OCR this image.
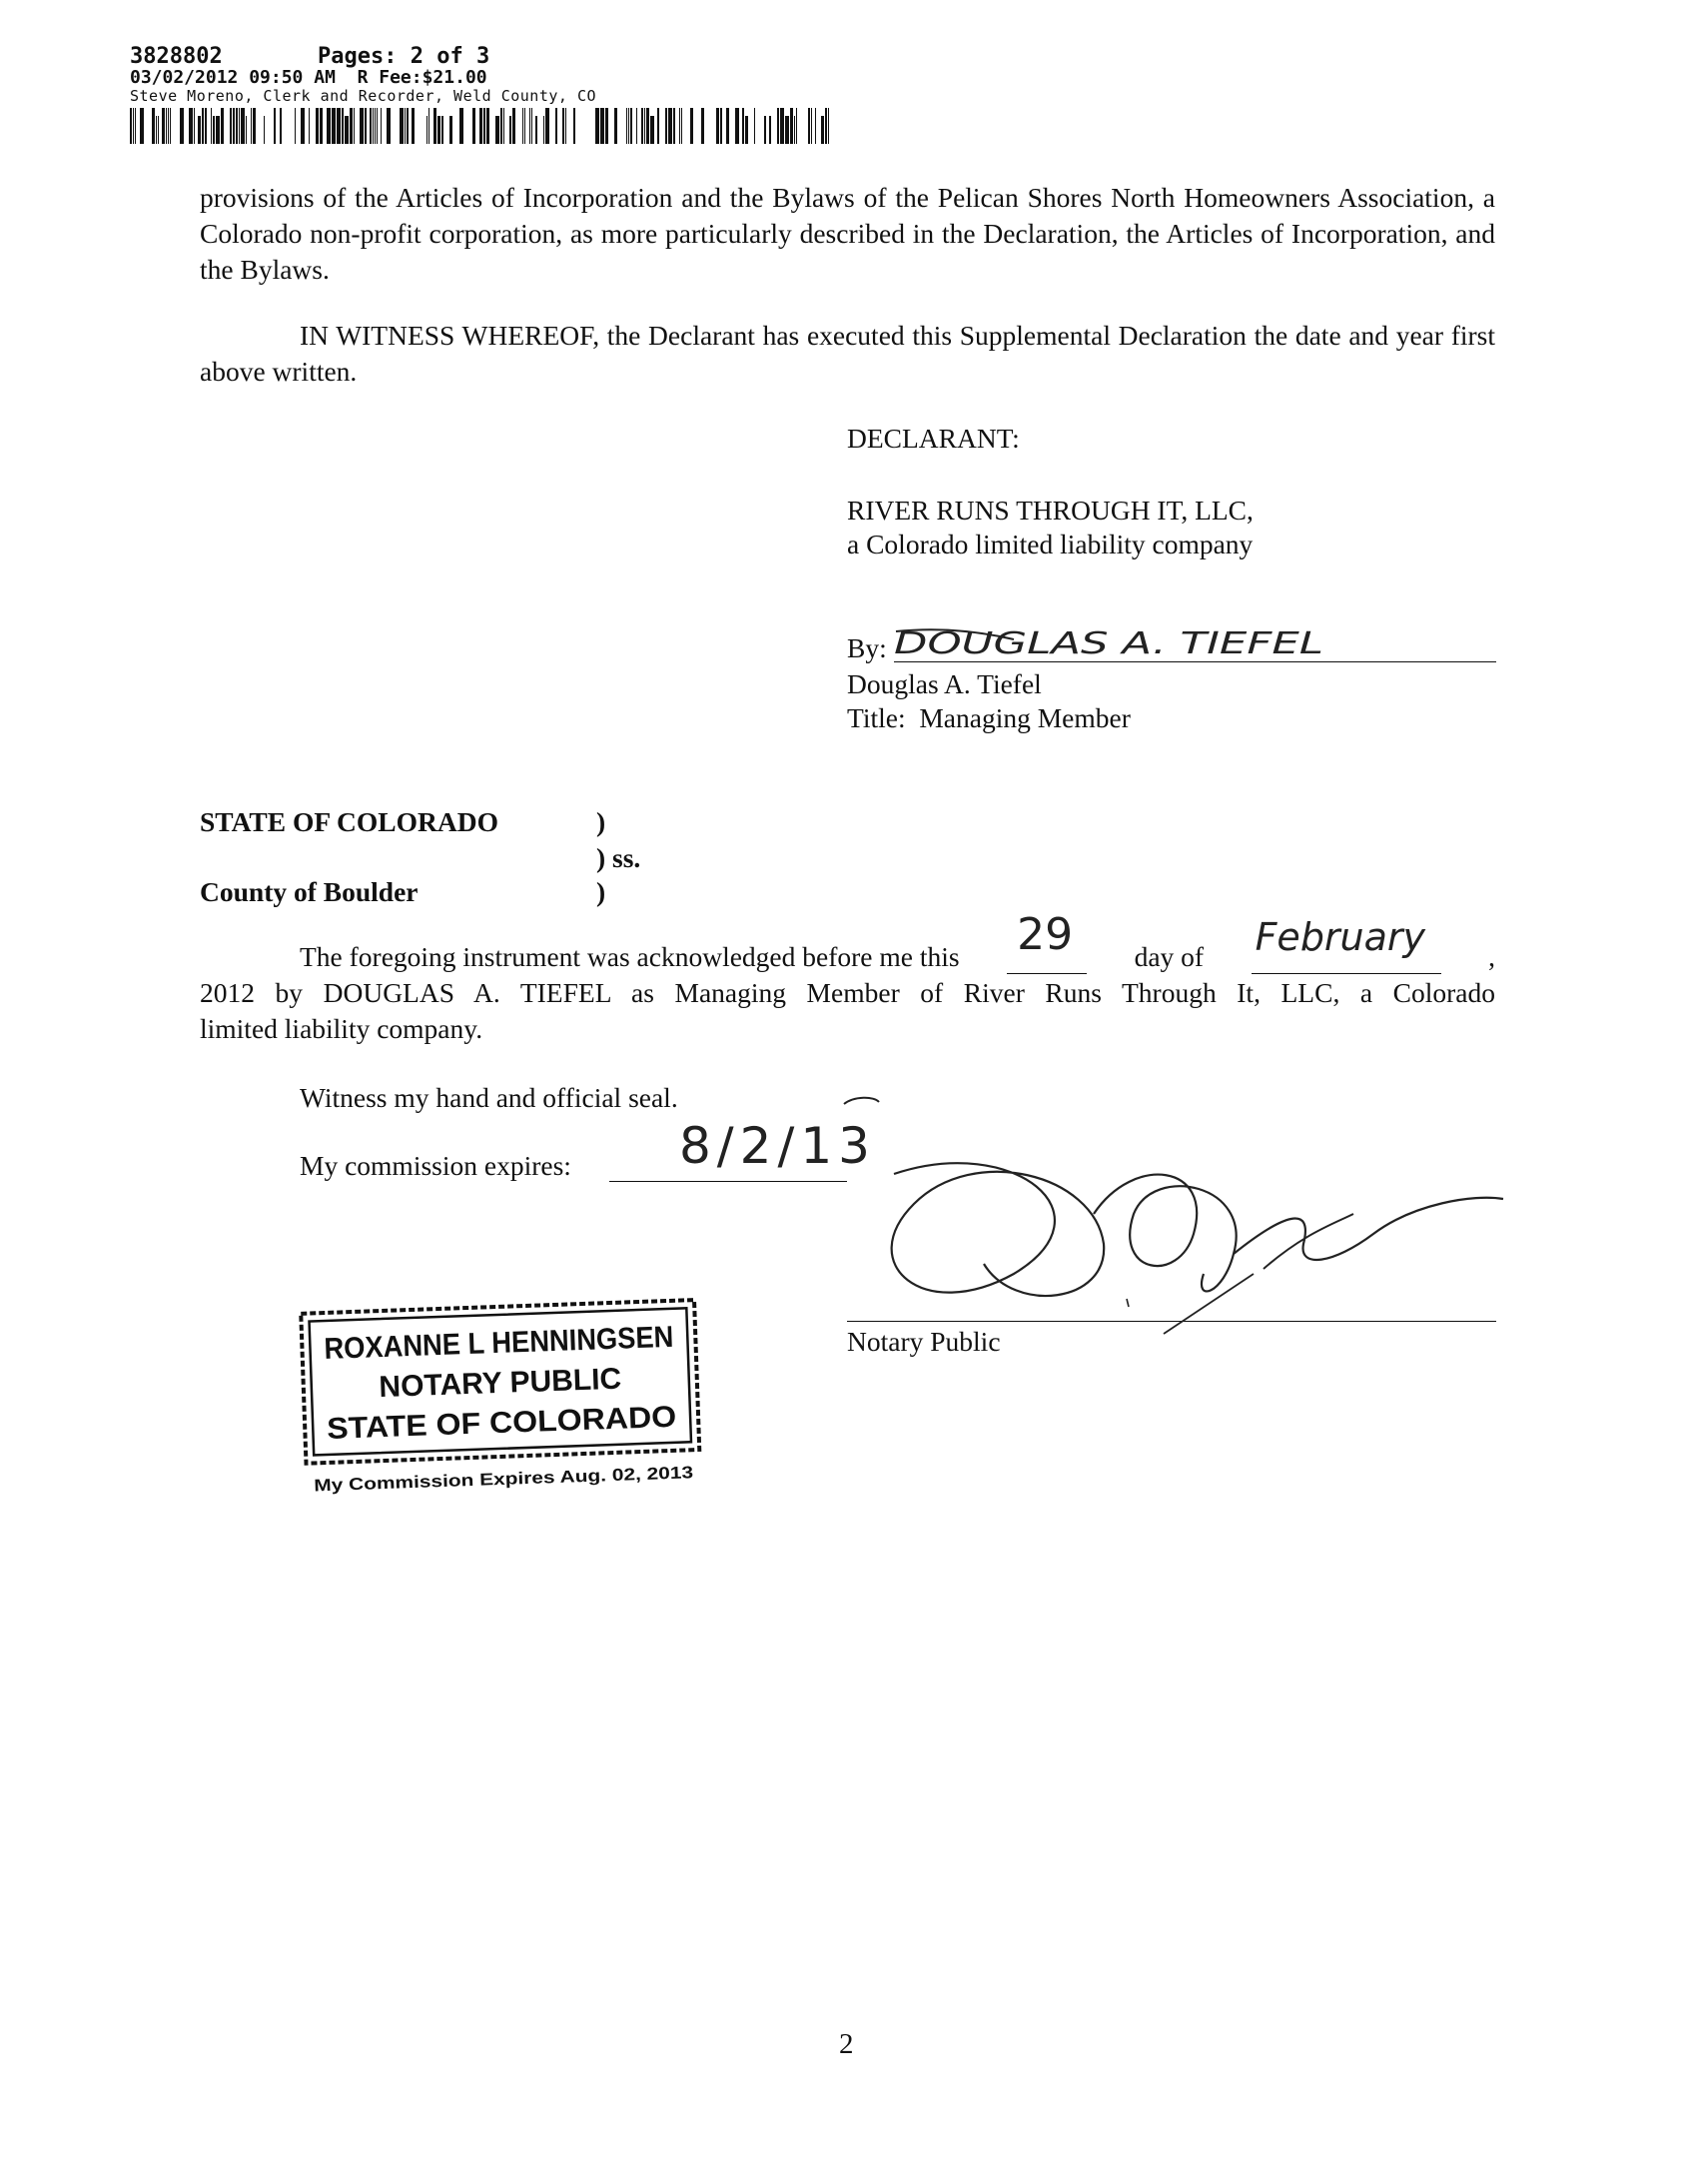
3828802	Pages: 2 of 3
03/02/2012 09:50 AM  R Fee:$21.00
Steve Moreno, Clerk and Recorder, Weld County, CO
provisions of the Articles of Incorporation and the Bylaws of the Pelican Shores North Homeowners Association, a Colorado non-profit corporation, as more particularly described in the Declaration, the Articles of Incorporation, and the Bylaws.
IN WITNESS WHEREOF, the Declarant has executed this Supplemental Declaration the date and year first above written.
DECLARANT:
RIVER RUNS THROUGH IT, LLC,
a Colorado limited liability company
By: DOUGLAS A. TIEFEL
Douglas A. Tiefel
Title:  Managing Member
STATE OF COLORADO	)
) ss.
County of Boulder	)
The foregoing instrument was acknowledged before me this 29 day of February ,
2012 by DOUGLAS A. TIEFEL as Managing Member of River Runs Through It, LLC, a Colorado
limited liability company.
Witness my hand and official seal.
My commission expires: 8/2/13
Notary Public
ROXANNE L HENNINGSEN
NOTARY PUBLIC
STATE OF COLORADO
My Commission Expires Aug. 02, 2013
2
